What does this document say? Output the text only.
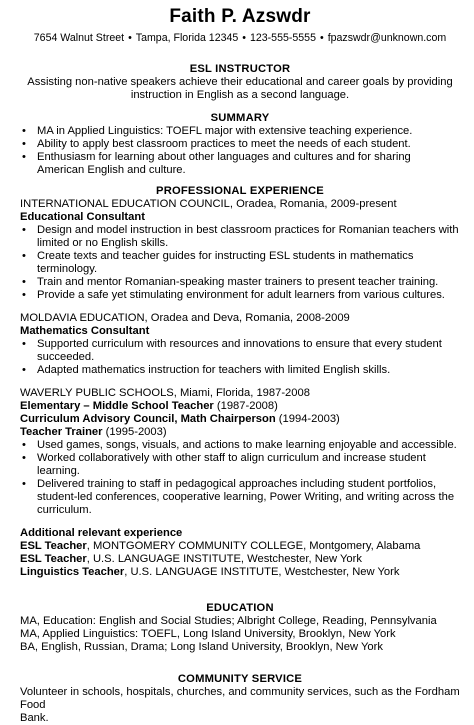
Faith P. Azswdr
7654 Walnut Street • Tampa, Florida 12345 • 123-555-5555 • fpazswdr@unknown.com
ESL INSTRUCTOR
Assisting non-native speakers achieve their educational and career goals by providing
instruction in English as a second language.
SUMMARY
• MA in Applied Linguistics: TOEFL major with extensive teaching experience.
• Ability to apply best classroom practices to meet the needs of each student.
• Enthusiasm for learning about other languages and cultures and for sharing American English and culture.
PROFESSIONAL EXPERIENCE
INTERNATIONAL EDUCATION COUNCIL, Oradea, Romania, 2009-present
Educational Consultant
• Design and model instruction in best classroom practices for Romanian teachers with limited or no English skills.
• Create texts and teacher guides for instructing ESL students in mathematics terminology.
• Train and mentor Romanian-speaking master trainers to present teacher training.
• Provide a safe yet stimulating environment for adult learners from various cultures.
MOLDAVIA EDUCATION, Oradea and Deva, Romania, 2008-2009
Mathematics Consultant
• Supported curriculum with resources and innovations to ensure that every student succeeded.
• Adapted mathematics instruction for teachers with limited English skills.
WAVERLY PUBLIC SCHOOLS, Miami, Florida, 1987-2008
Elementary – Middle School Teacher (1987-2008)
Curriculum Advisory Council, Math Chairperson (1994-2003)
Teacher Trainer (1995-2003)
• Used games, songs, visuals, and actions to make learning enjoyable and accessible.
• Worked collaboratively with other staff to align curriculum and increase student learning.
• Delivered training to staff in pedagogical approaches including student portfolios, student-led conferences, cooperative learning, Power Writing, and writing across the curriculum.
Additional relevant experience
ESL Teacher, MONTGOMERY COMMUNITY COLLEGE, Montgomery, Alabama
ESL Teacher, U.S. LANGUAGE INSTITUTE, Westchester, New York
Linguistics Teacher, U.S. LANGUAGE INSTITUTE, Westchester, New York
EDUCATION
MA, Education: English and Social Studies; Albright College, Reading, Pennsylvania
MA, Applied Linguistics: TOEFL, Long Island University, Brooklyn, New York
BA, English, Russian, Drama; Long Island University, Brooklyn, New York
COMMUNITY SERVICE
Volunteer in schools, hospitals, churches, and community services, such as the Fordham Food
Bank.
